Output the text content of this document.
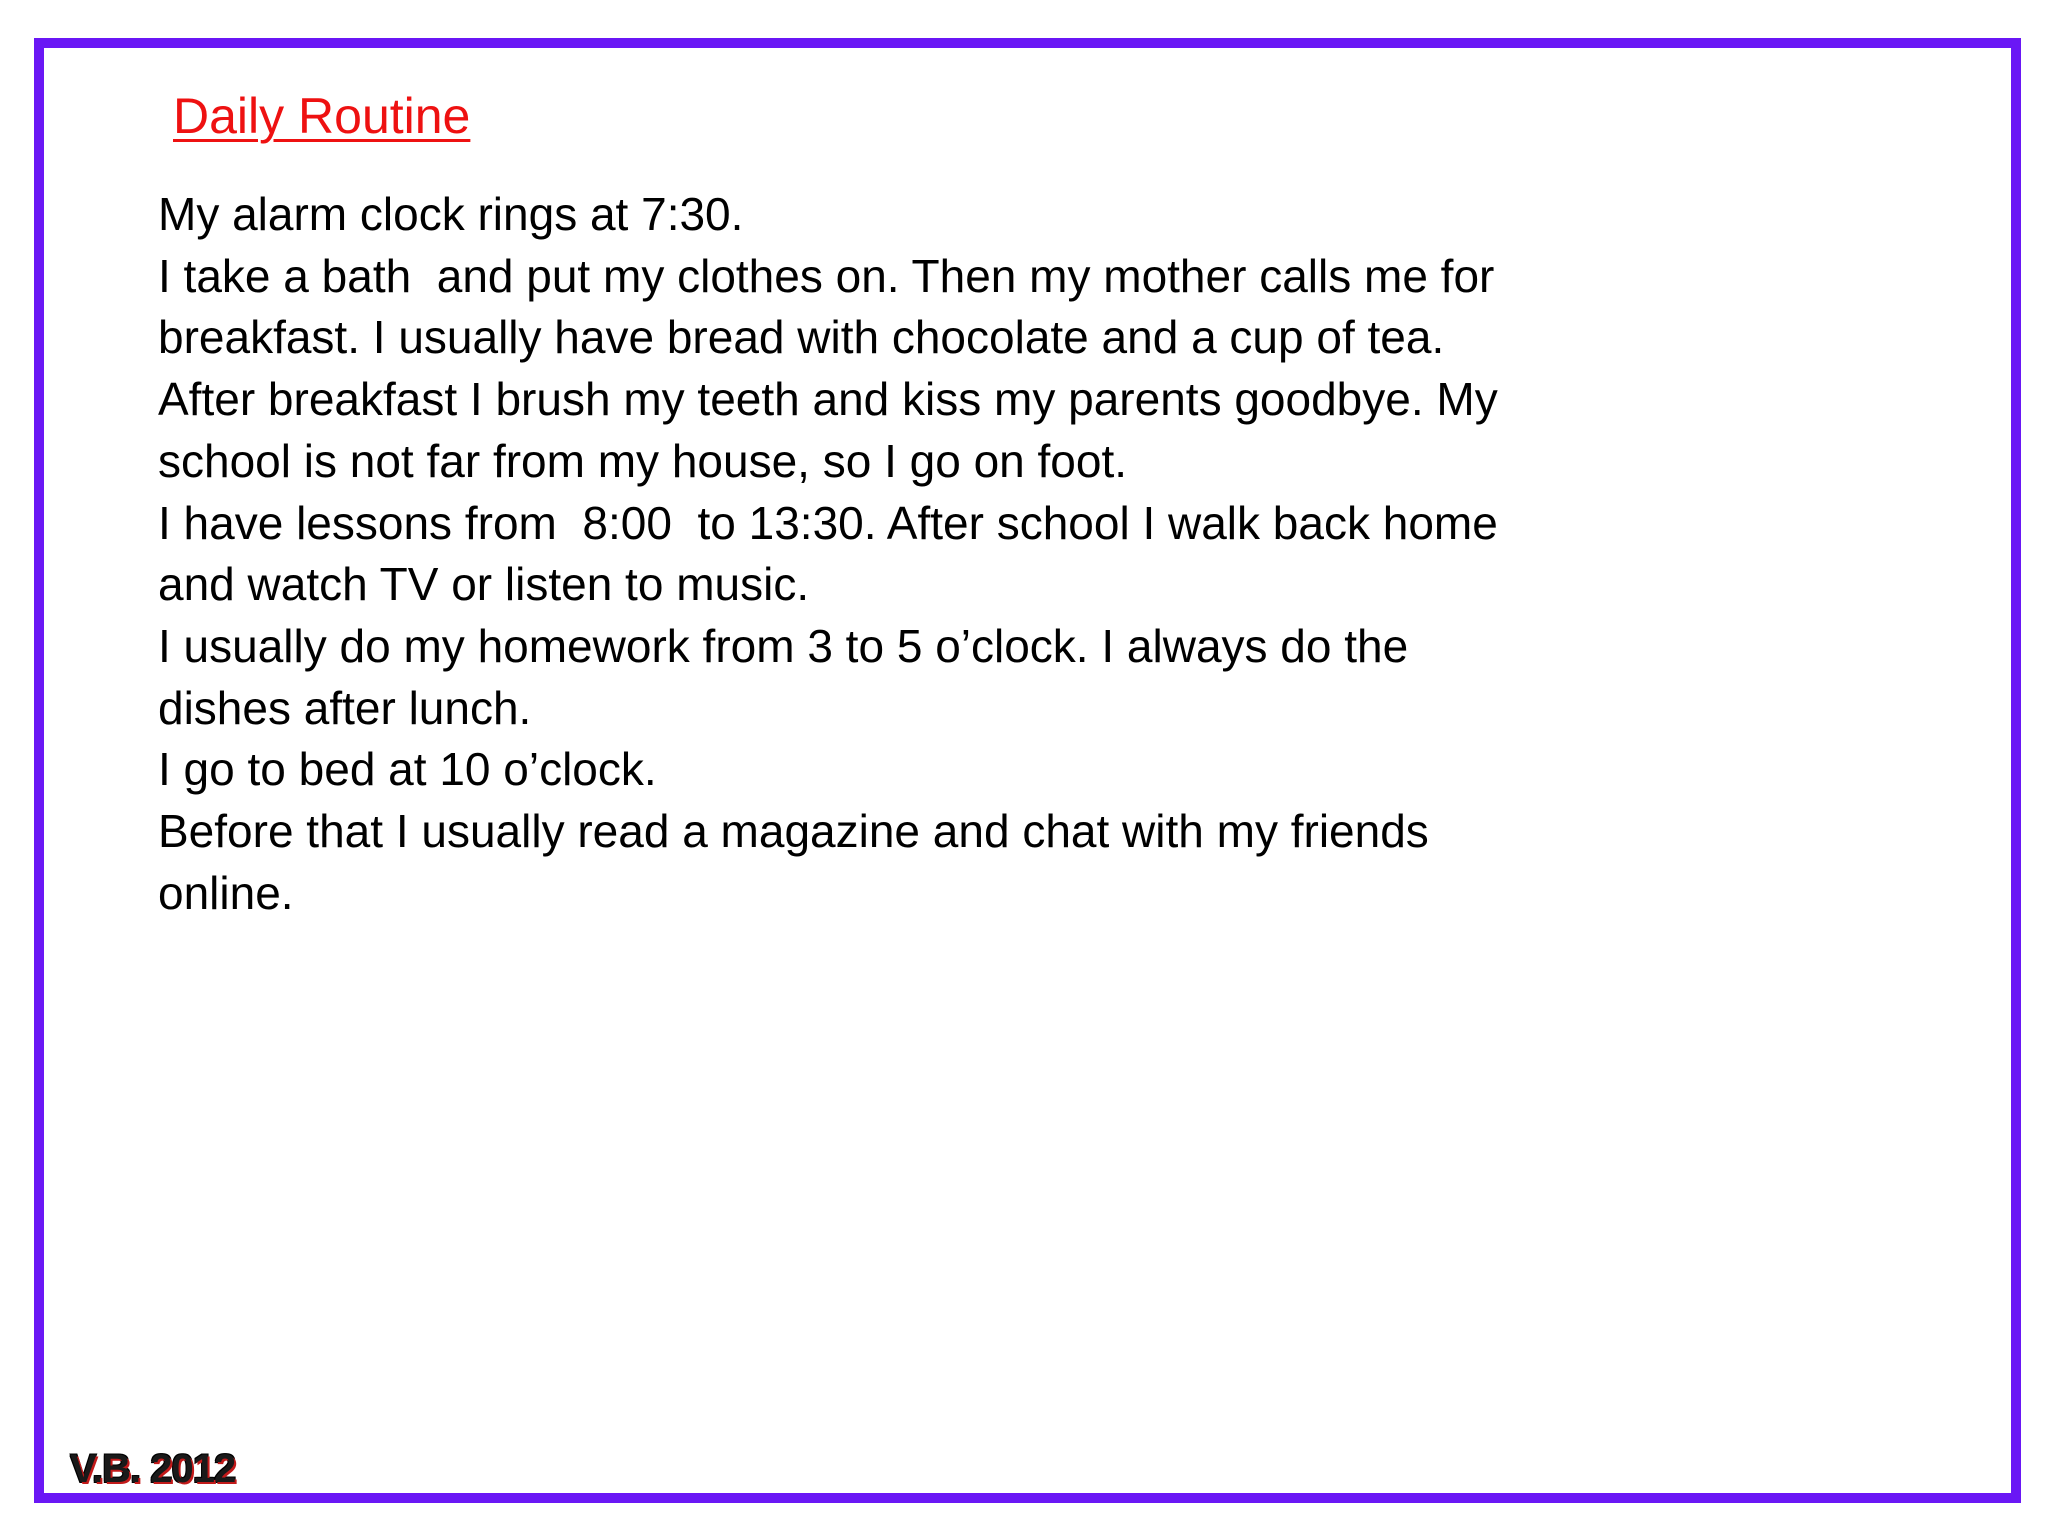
Daily Routine
My alarm clock rings at 7:30.
I take a bath  and put my clothes on. Then my mother calls me for
breakfast. I usually have bread with chocolate and a cup of tea.
After breakfast I brush my teeth and kiss my parents goodbye. My
school is not far from my house, so I go on foot.
I have lessons from  8:00  to 13:30. After school I walk back home
and watch TV or listen to music.
I usually do my homework from 3 to 5 o’clock. I always do the
dishes after lunch.
I go to bed at 10 o’clock.
Before that I usually read a magazine and chat with my friends
online.
V.B. 2012
